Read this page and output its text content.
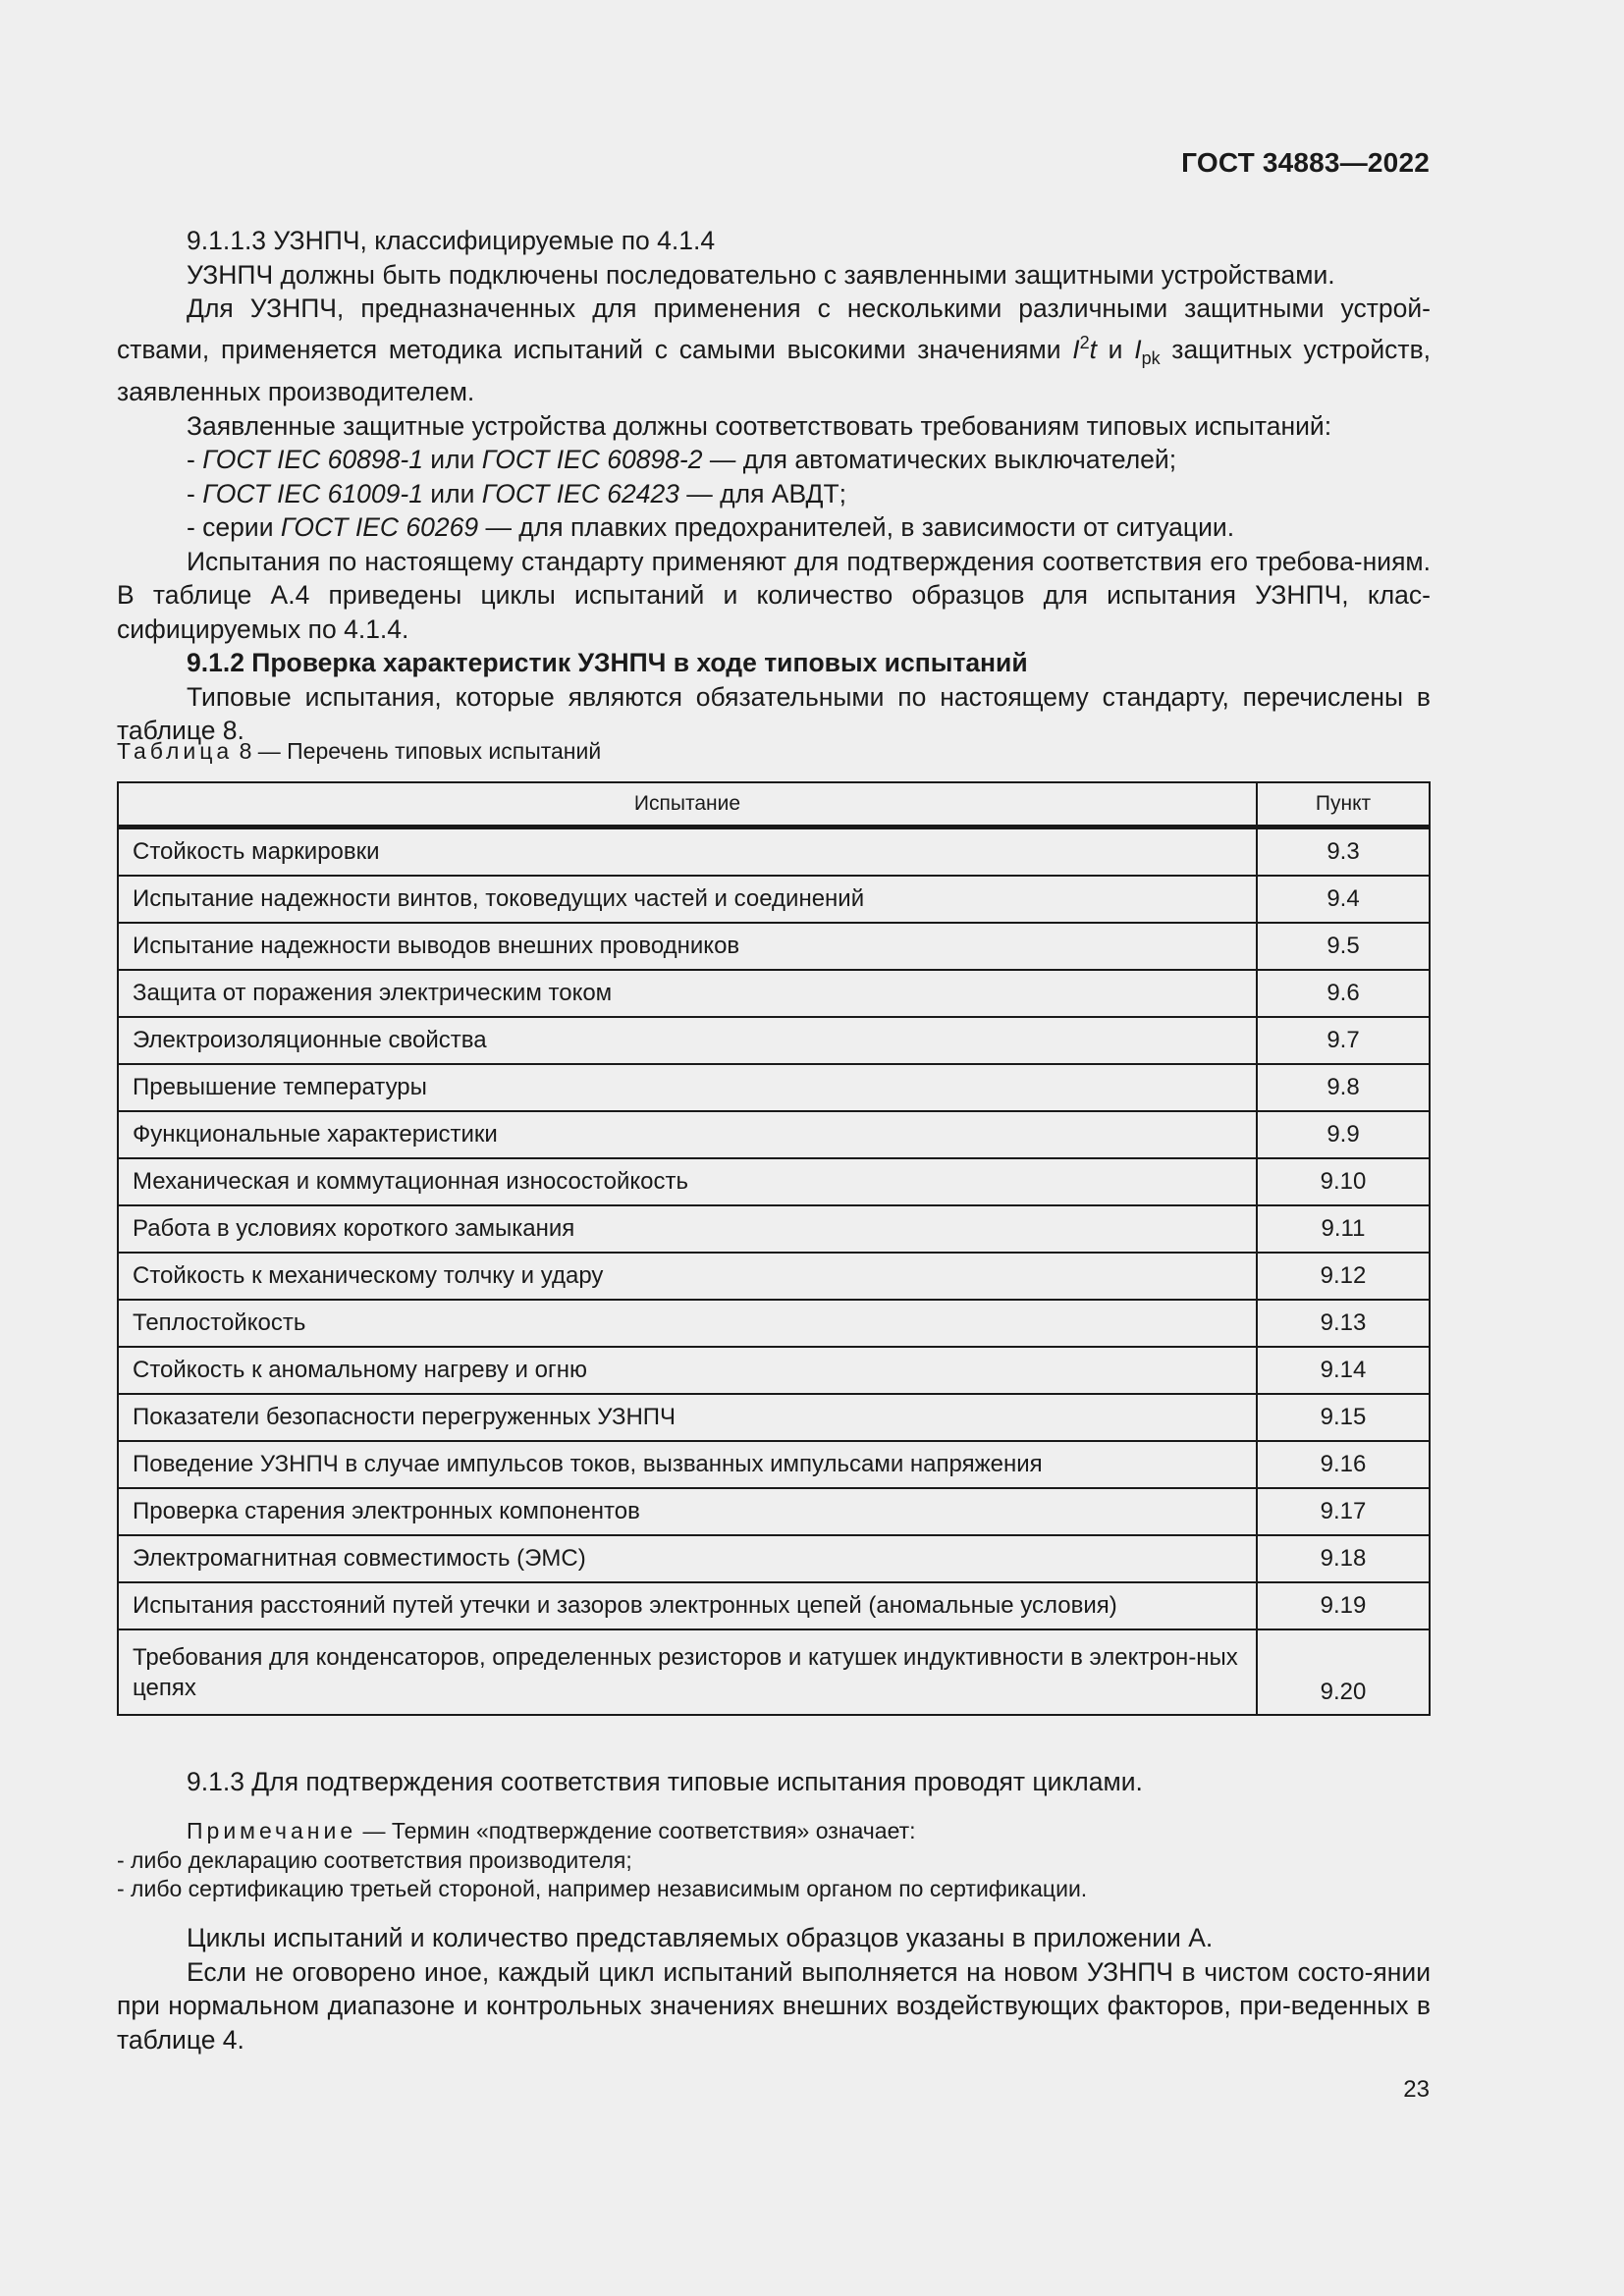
ГОСТ 34883—2022

9.1.1.3 УЗНПЧ, классифицируемые по 4.1.4

УЗНПЧ должны быть подключены последовательно с заявленными защитными устройствами.

Для УЗНПЧ, предназначенных для применения с несколькими различными защитными устрой-ствами, применяется методика испытаний с самыми высокими значениями $I^2t$ и $I_{pk}$ защитных устройств, заявленных производителем.

Заявленные защитные устройства должны соответствовать требованиям типовых испытаний:

- ГОСТ IEC 60898-1 или ГОСТ IEC 60898-2 — для автоматических выключателей;

- ГОСТ IEC 61009-1 или ГОСТ IEC 62423 — для АВДТ;

- серии ГОСТ IEC 60269 — для плавких предохранителей, в зависимости от ситуации.

Испытания по настоящему стандарту применяют для подтверждения соответствия его требова-ниям. В таблице А.4 приведены циклы испытаний и количество образцов для испытания УЗНПЧ, клас-сифицируемых по 4.1.4.

9.1.2 Проверка характеристик УЗНПЧ в ходе типовых испытаний

Типовые испытания, которые являются обязательными по настоящему стандарту, перечислены в таблице 8.

Таблица 8 — Перечень типовых испытаний
Испытание	Пункт
Стойкость маркировки	9.3
Испытание надежности винтов, токоведущих частей и соединений	9.4
Испытание надежности выводов внешних проводников	9.5
Защита от поражения электрическим током	9.6
Электроизоляционные свойства	9.7
Превышение температуры	9.8
Функциональные характеристики	9.9
Механическая и коммутационная износостойкость	9.10
Работа в условиях короткого замыкания	9.11
Стойкость к механическому толчку и удару	9.12
Теплостойкость	9.13
Стойкость к аномальному нагреву и огню	9.14
Показатели безопасности перегруженных УЗНПЧ	9.15
Поведение УЗНПЧ в случае импульсов токов, вызванных импульсами напряжения	9.16
Проверка старения электронных компонентов	9.17
Электромагнитная совместимость (ЭМС)	9.18
Испытания расстояний путей утечки и зазоров электронных цепей (аномальные условия)	9.19
Требования для конденсаторов, определенных резисторов и катушек индуктивности в электрон-ных цепях	9.20

9.1.3 Для подтверждения соответствия типовые испытания проводят циклами.

Примечание — Термин «подтверждение соответствия» означает:
- либо декларацию соответствия производителя;
- либо сертификацию третьей стороной, например независимым органом по сертификации.

Циклы испытаний и количество представляемых образцов указаны в приложении А.

Если не оговорено иное, каждый цикл испытаний выполняется на новом УЗНПЧ в чистом состо-янии при нормальном диапазоне и контрольных значениях внешних воздействующих факторов, при-веденных в таблице 4.

23
